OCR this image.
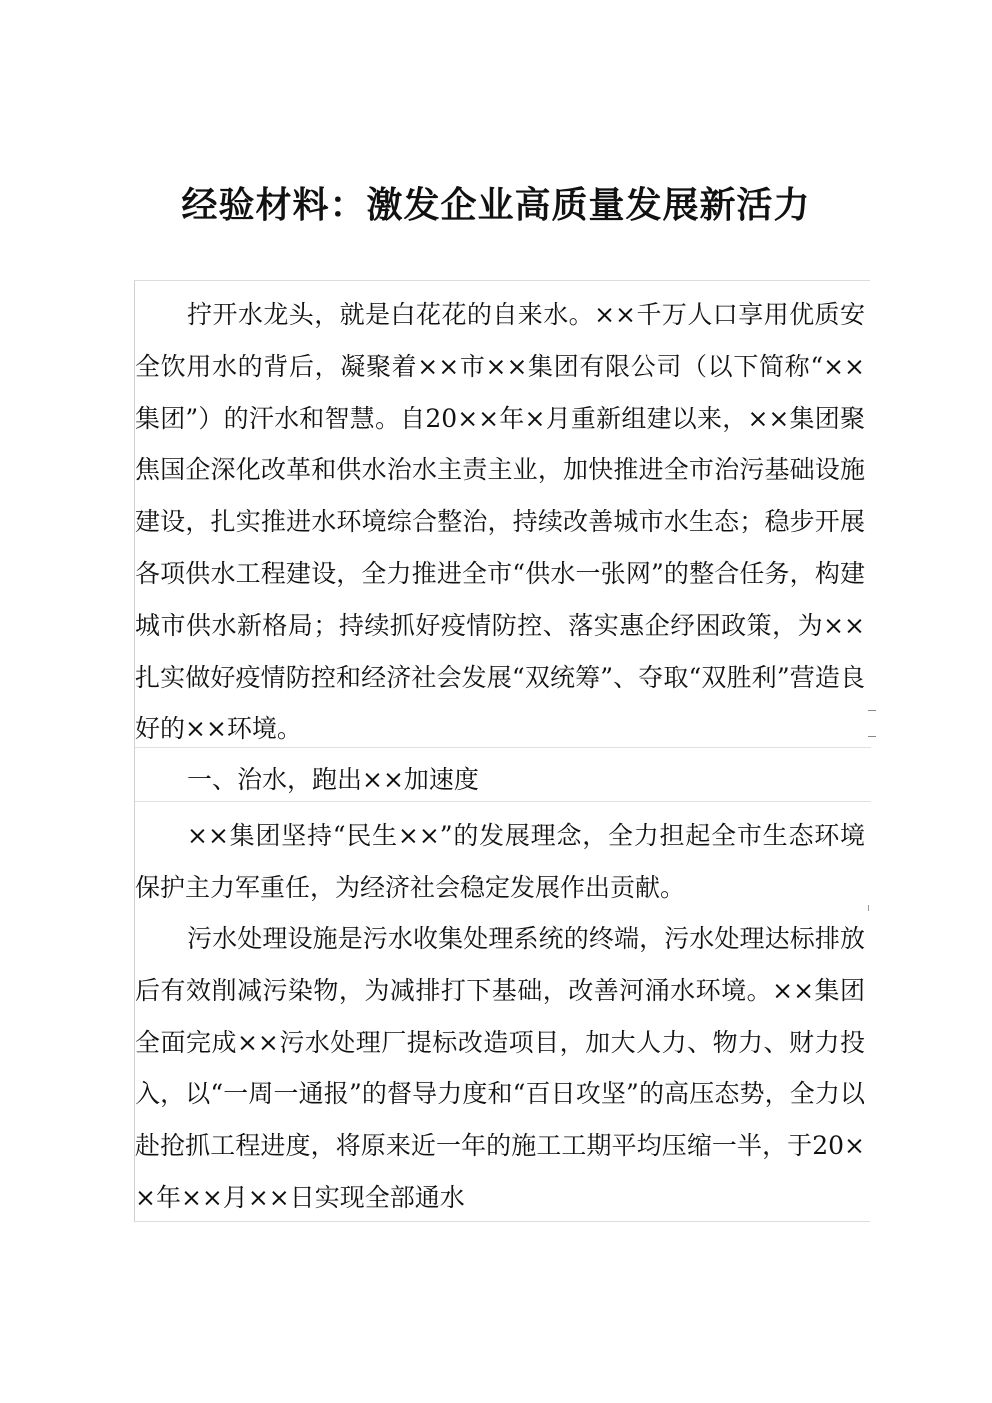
经验材料：激发企业高质量发展新活力

拧开水龙头，就是白花花的自来水。××千万人口享用优质安全饮用水的背后，凝聚着××市××集团有限公司（以下简称“××集团”）的汗水和智慧。自20××年×月重新组建以来，××集团聚焦国企深化改革和供水治水主责主业，加快推进全市治污基础设施建设，扎实推进水环境综合整治，持续改善城市水生态；稳步开展各项供水工程建设，全力推进全市“供水一张网”的整合任务，构建城市供水新格局；持续抓好疫情防控、落实惠企纾困政策，为××扎实做好疫情防控和经济社会发展“双统筹”、夺取“双胜利”营造良好的××环境。

一、治水，跑出××加速度

××集团坚持“民生××”的发展理念，全力担起全市生态环境保护主力军重任，为经济社会稳定发展作出贡献。

污水处理设施是污水收集处理系统的终端，污水处理达标排放后有效削减污染物，为减排打下基础，改善河涌水环境。××集团全面完成××污水处理厂提标改造项目，加大人力、物力、财力投入，以“一周一通报”的督导力度和“百日攻坚”的高压态势，全力以赴抢抓工程进度，将原来近一年的施工工期平均压缩一半，于20××年××月××日实现全部通水
